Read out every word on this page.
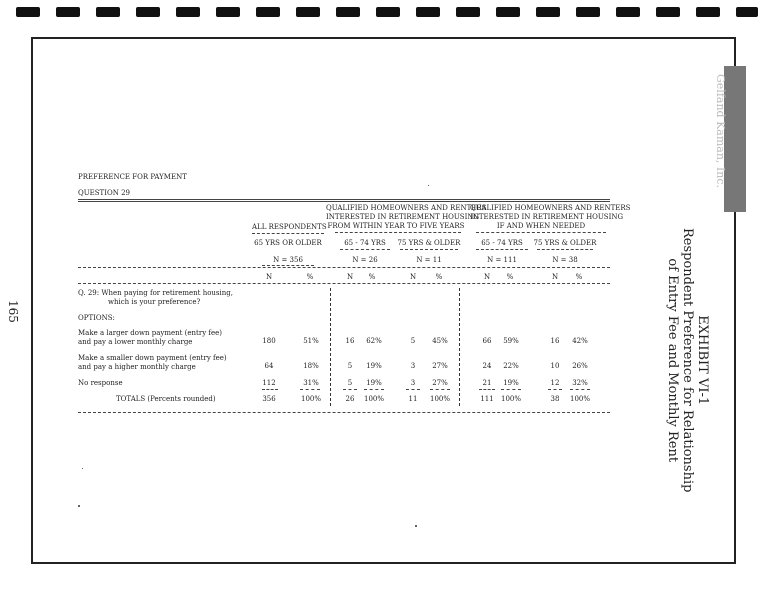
165
Gelfand Kaman, Inc.
EXHIBIT VI-1
Respondent Preference for Relationship
of Entry Fee and Monthly Rent
PREFERENCE FOR PAYMENT
QUESTION 29
ALL RESPONDENTS
QUALIFIED HOMEOWNERS AND RENTERS
INTERESTED IN RETIREMENT HOUSING
FROM WITHIN YEAR TO FIVE YEARS
QUALIFIED HOMEOWNERS AND RENTERS
INTERESTED IN RETIREMENT HOUSING
IF AND WHEN NEEDED
65 YRS OR OLDER	65 - 74 YRS	75 YRS & OLDER	65 - 74 YRS	75 YRS & OLDER
N = 356	N = 26	N = 11	N = 111	N = 38
N	%	N	%	N	%	N	%	N	%
Q. 29: When paying for retirement housing,
which is your preference?
OPTIONS:
Make a larger down payment (entry fee)
and pay a lower monthly charge	180	51%	16	62%	5	45%	66	59%	16	42%
Make a smaller down payment (entry fee)
and pay a higher monthly charge	64	18%	5	19%	3	27%	24	22%	10	26%
No response	112	31%	5	19%	3	27%	21	19%	12	32%
TOTALS (Percents rounded)	356	100%	26	100%	11	100%	111	100%	38	100%
